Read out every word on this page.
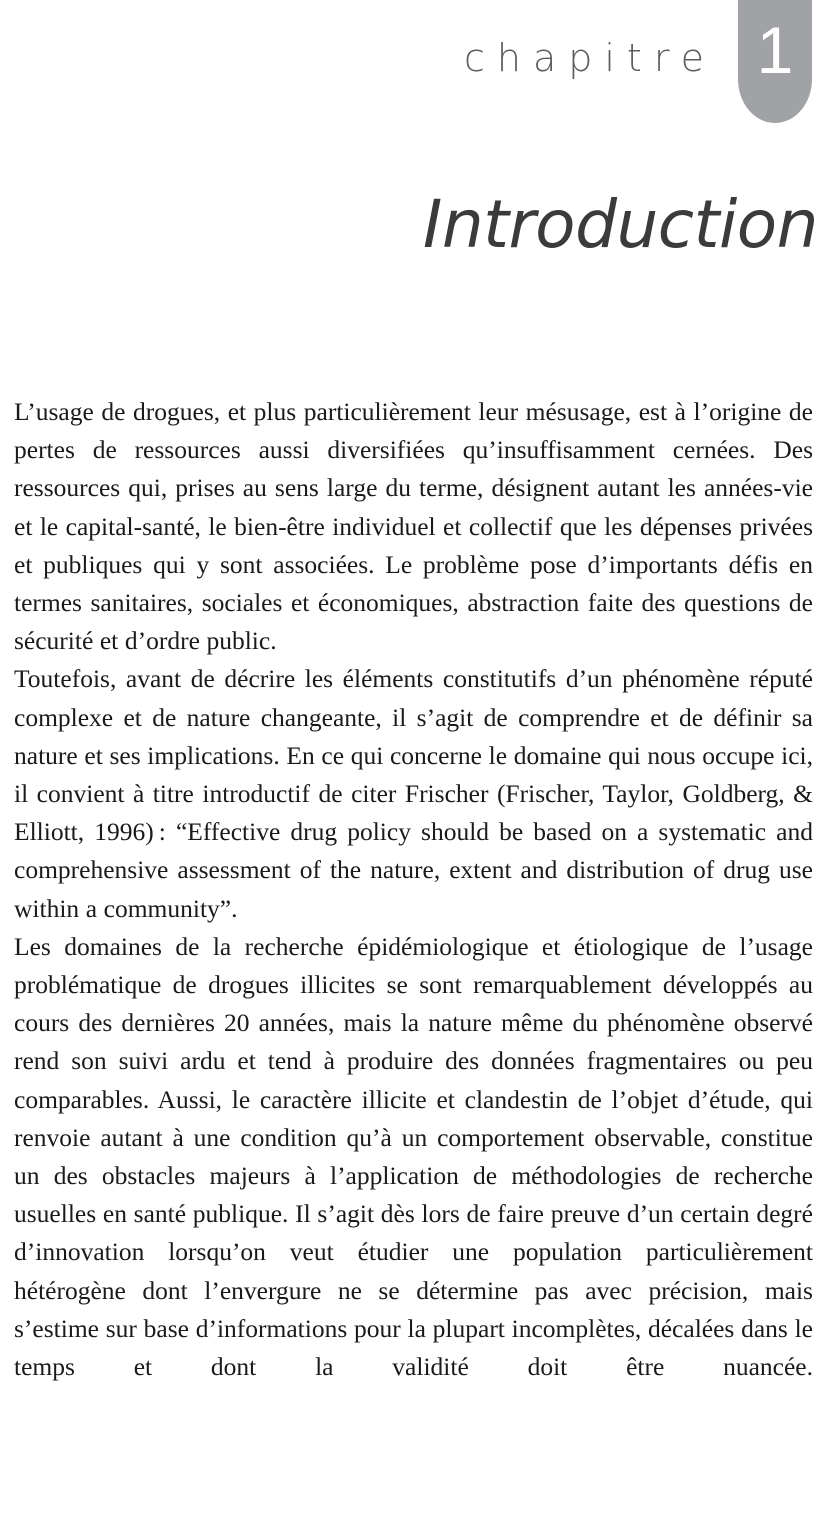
chapitre 1
Introduction

L’usage de drogues, et plus particulièrement leur mésusage, est à l’origine de pertes de ressources aussi diversifiées qu’insuffisamment cernées. Des ressources qui, prises au sens large du terme, désignent autant les années-vie et le capital-santé, le bien-être individuel et collectif que les dépenses privées et publiques qui y sont associées. Le problème pose d’importants défis en termes sanitaires, sociales et économiques, abstraction faite des questions de sécurité et d’ordre public.

Toutefois, avant de décrire les éléments constitutifs d’un phénomène réputé complexe et de nature changeante, il s’agit de comprendre et de définir sa nature et ses implications. En ce qui concerne le domaine qui nous occupe ici, il convient à titre introductif de citer Frischer (Frischer, Taylor, Goldberg, & Elliott, 1996) : “Effective drug policy should be based on a systematic and comprehensive assessment of the nature, extent and distribution of drug use within a community”.

Les domaines de la recherche épidémiologique et étiologique de l’usage problématique de drogues illicites se sont remarquablement développés au cours des dernières 20 années, mais la nature même du phénomène observé rend son suivi ardu et tend à produire des données fragmentaires ou peu comparables. Aussi, le caractère illicite et clandestin de l’objet d’étude, qui renvoie autant à une condition qu’à un comportement observable, constitue un des obstacles majeurs à l’application de méthodologies de recherche usuelles en santé publique. Il s’agit dès lors de faire preuve d’un certain degré d’innovation lorsqu’on veut étudier une population particulièrement hétérogène dont l’envergure ne se détermine pas avec précision, mais s’estime sur base d’informations pour la plupart incomplètes, décalées dans le temps et dont la validité doit être nuancée.
